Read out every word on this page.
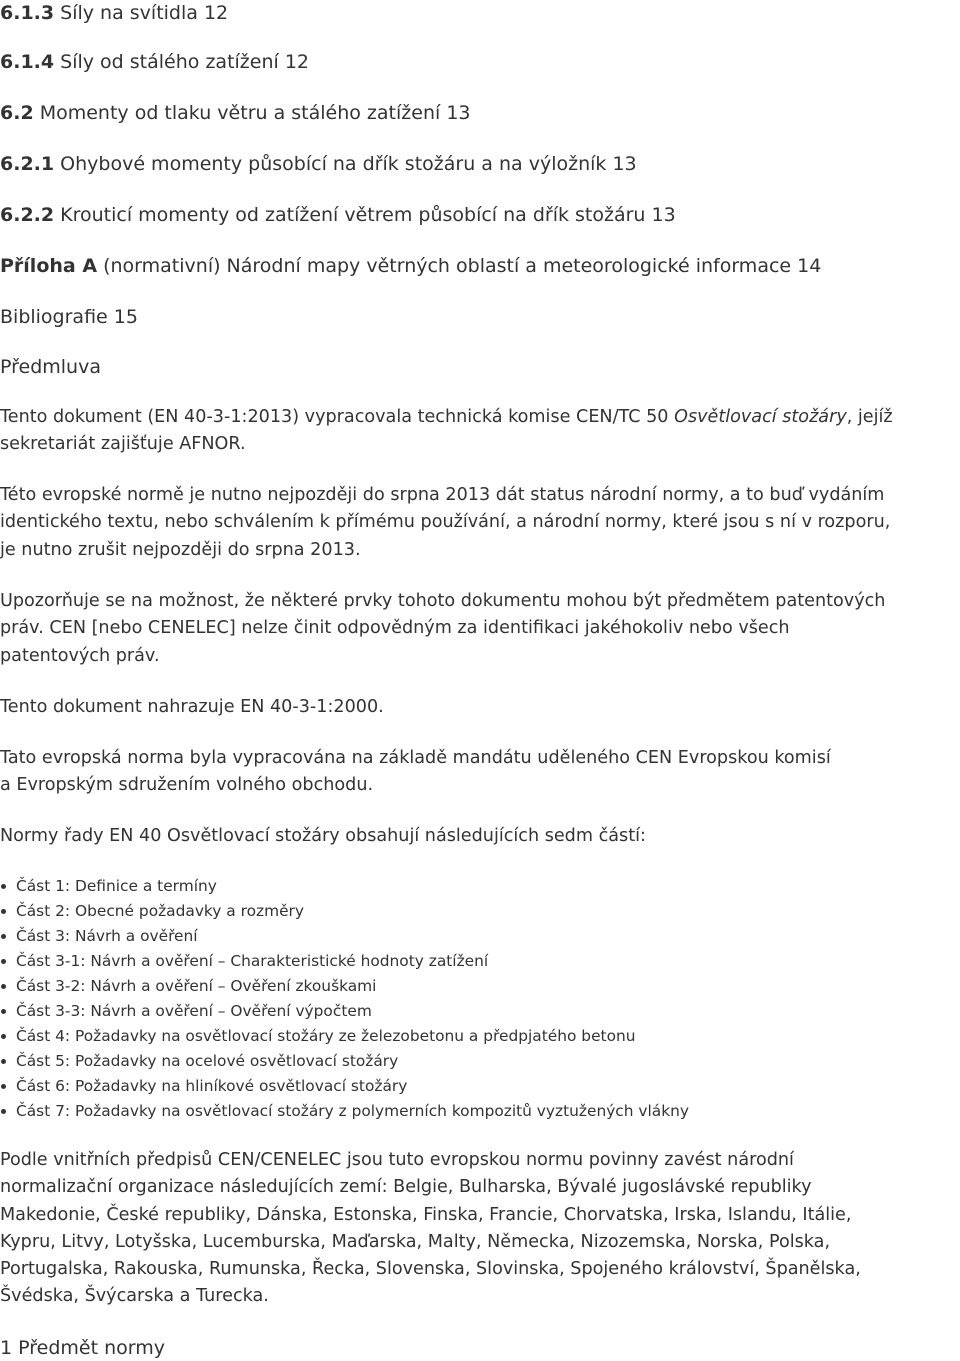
6.1.3 Síly na svítidla 12
6.1.4 Síly od stálého zatížení 12
6.2 Momenty od tlaku větru a stálého zatížení 13
6.2.1 Ohybové momenty působící na dřík stožáru a na výložník 13
6.2.2 Krouticí momenty od zatížení větrem působící na dřík stožáru 13
Příloha A (normativní) Národní mapy větrných oblastí a meteorologické informace 14
Bibliografie 15
Předmluva
Tento dokument (EN 40-3-1:2013) vypracovala technická komise CEN/TC 50 Osvětlovací stožáry, jejíž
sekretariát zajišťuje AFNOR.
Této evropské normě je nutno nejpozději do srpna 2013 dát status národní normy, a to buď vydáním
identického textu, nebo schválením k přímému používání, a národní normy, které jsou s ní v rozporu,
je nutno zrušit nejpozději do srpna 2013.
Upozorňuje se na možnost, že některé prvky tohoto dokumentu mohou být předmětem patentových
práv. CEN [nebo CENELEC] nelze činit odpovědným za identifikaci jakéhokoliv nebo všech
patentových práv.
Tento dokument nahrazuje EN 40-3-1:2000.
Tato evropská norma byla vypracována na základě mandátu uděleného CEN Evropskou komisí
a Evropským sdružením volného obchodu.
Normy řady EN 40 Osvětlovací stožáry obsahují následujících sedm částí:
Část 1: Definice a termíny
Část 2: Obecné požadavky a rozměry
Část 3: Návrh a ověření
Část 3-1: Návrh a ověření – Charakteristické hodnoty zatížení
Část 3-2: Návrh a ověření – Ověření zkouškami
Část 3-3: Návrh a ověření – Ověření výpočtem
Část 4: Požadavky na osvětlovací stožáry ze železobetonu a předpjatého betonu
Část 5: Požadavky na ocelové osvětlovací stožáry
Část 6: Požadavky na hliníkové osvětlovací stožáry
Část 7: Požadavky na osvětlovací stožáry z polymerních kompozitů vyztužených vlákny
Podle vnitřních předpisů CEN/CENELEC jsou tuto evropskou normu povinny zavést národní
normalizační organizace následujících zemí: Belgie, Bulharska, Bývalé jugoslávské republiky
Makedonie, České republiky, Dánska, Estonska, Finska, Francie, Chorvatska, Irska, Islandu, Itálie,
Kypru, Litvy, Lotyšska, Lucemburska, Maďarska, Malty, Německa, Nizozemska, Norska, Polska,
Portugalska, Rakouska, Rumunska, Řecka, Slovenska, Slovinska, Spojeného království, Španělska,
Švédska, Švýcarska a Turecka.
1 Předmět normy
